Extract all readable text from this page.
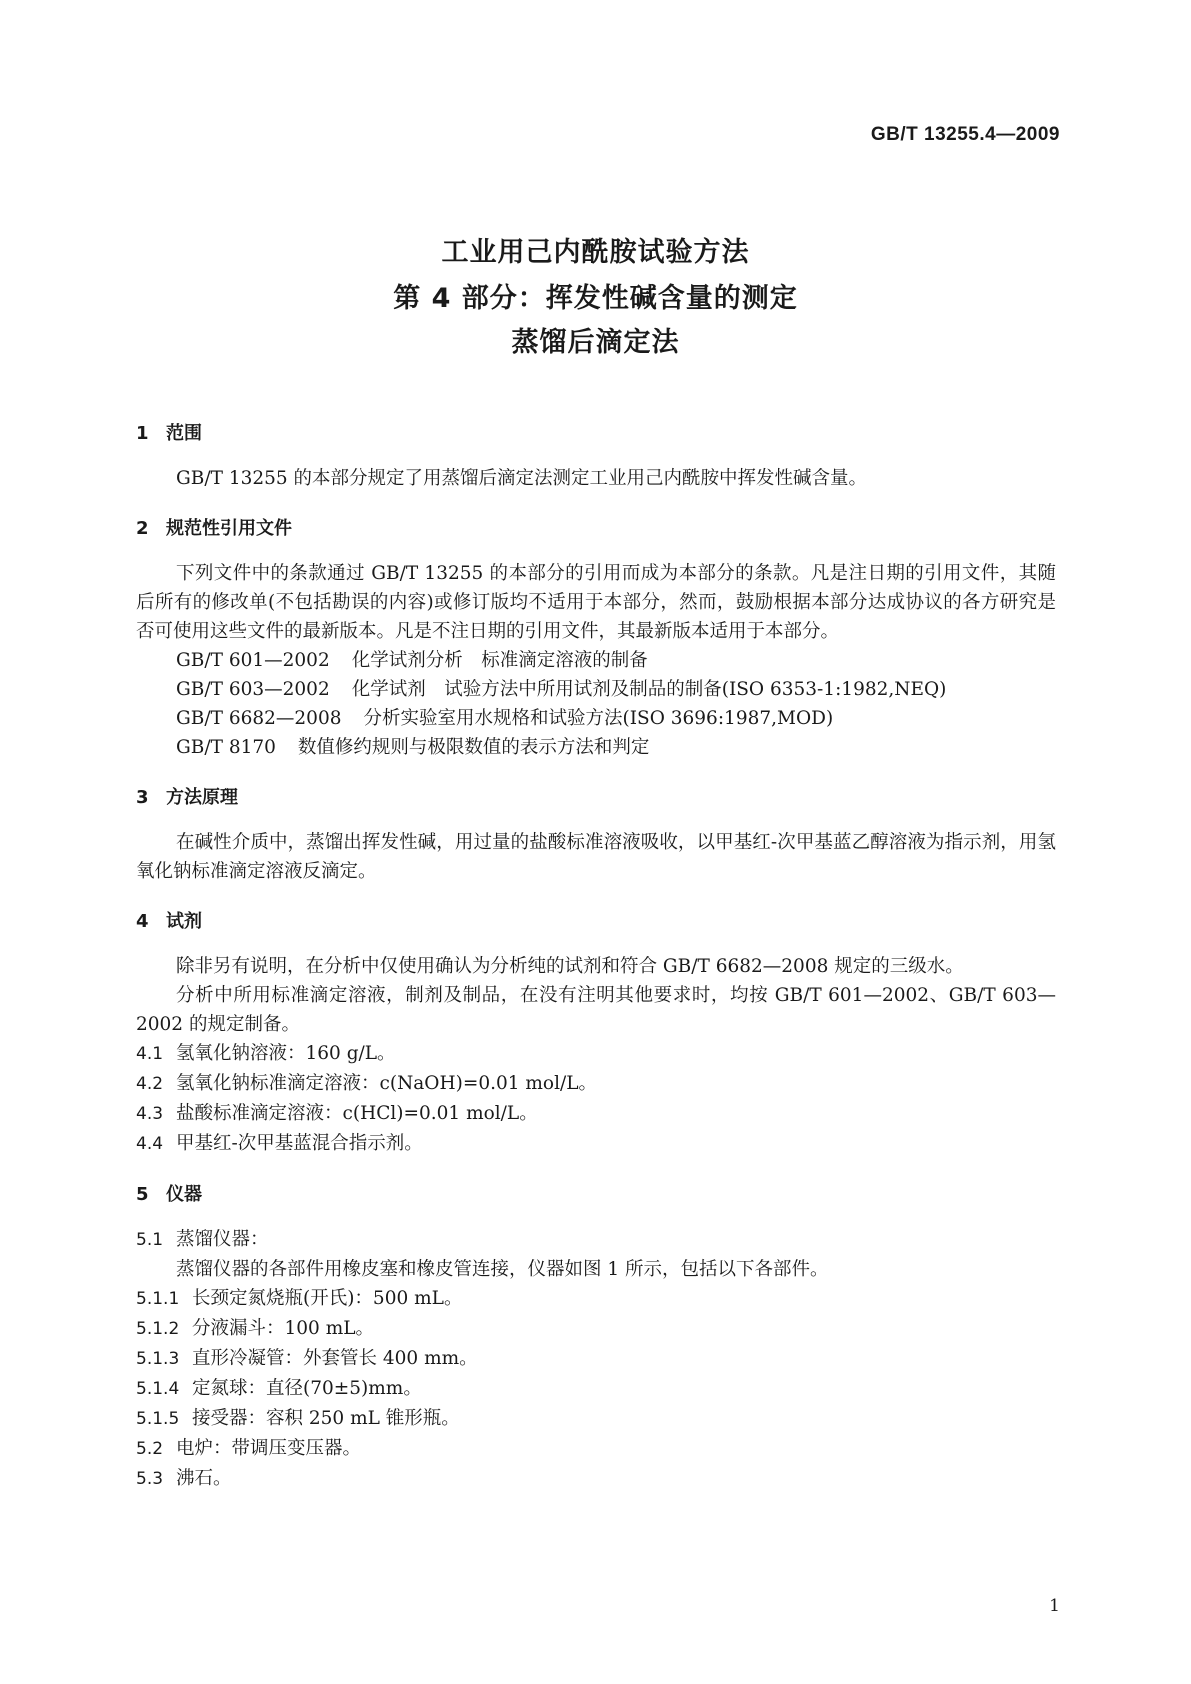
GB/T 13255.4—2009
工业用己内酰胺试验方法
第 4 部分：挥发性碱含量的测定
蒸馏后滴定法
1 范围
GB/T 13255 的本部分规定了用蒸馏后滴定法测定工业用己内酰胺中挥发性碱含量。
2 规范性引用文件
下列文件中的条款通过 GB/T 13255 的本部分的引用而成为本部分的条款。凡是注日期的引用文件，其随后所有的修改单(不包括勘误的内容)或修订版均不适用于本部分，然而，鼓励根据本部分达成协议的各方研究是否可使用这些文件的最新版本。凡是不注日期的引用文件，其最新版本适用于本部分。
GB/T 601—2002 化学试剂分析　标准滴定溶液的制备
GB/T 603—2002 化学试剂　试验方法中所用试剂及制品的制备(ISO 6353-1:1982,NEQ)
GB/T 6682—2008 分析实验室用水规格和试验方法(ISO 3696:1987,MOD)
GB/T 8170 数值修约规则与极限数值的表示方法和判定
3 方法原理
在碱性介质中，蒸馏出挥发性碱，用过量的盐酸标准溶液吸收，以甲基红-次甲基蓝乙醇溶液为指示剂，用氢氧化钠标准滴定溶液反滴定。
4 试剂
除非另有说明，在分析中仅使用确认为分析纯的试剂和符合 GB/T 6682—2008 规定的三级水。
分析中所用标准滴定溶液，制剂及制品，在没有注明其他要求时，均按 GB/T 601—2002、GB/T 603—2002 的规定制备。
4.1 氢氧化钠溶液：160 g/L。
4.2 氢氧化钠标准滴定溶液：c(NaOH)=0.01 mol/L。
4.3 盐酸标准滴定溶液：c(HCl)=0.01 mol/L。
4.4 甲基红-次甲基蓝混合指示剂。
5 仪器
5.1 蒸馏仪器：
蒸馏仪器的各部件用橡皮塞和橡皮管连接，仪器如图 1 所示，包括以下各部件。
5.1.1 长颈定氮烧瓶(开氏)：500 mL。
5.1.2 分液漏斗：100 mL。
5.1.3 直形冷凝管：外套管长 400 mm。
5.1.4 定氮球：直径(70±5)mm。
5.1.5 接受器：容积 250 mL 锥形瓶。
5.2 电炉：带调压变压器。
5.3 沸石。
1
